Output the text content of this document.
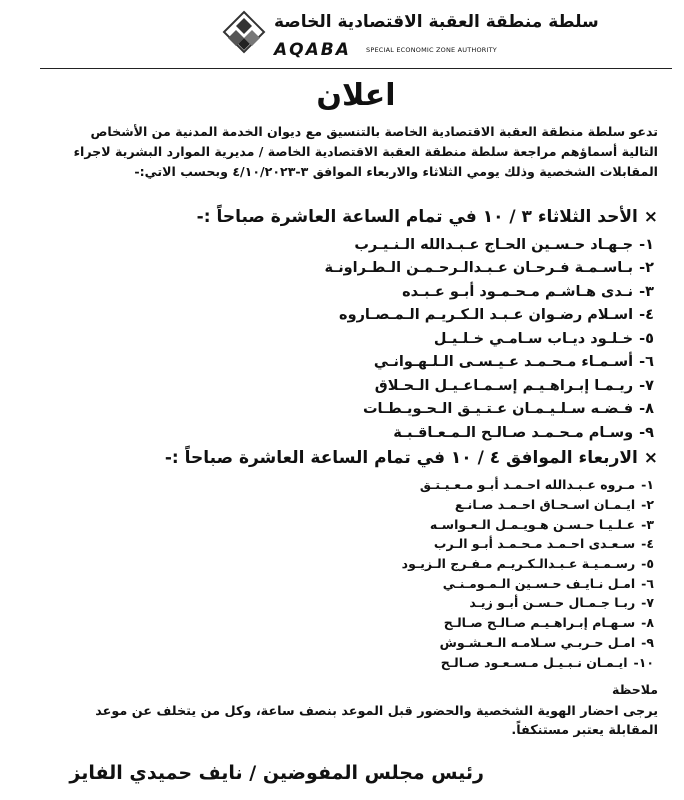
سلطة منطقة العقبة الاقتصادية الخاصة
AQABA SPECIAL ECONOMIC ZONE AUTHORITY
اعلان
تدعو سلطة منطقة العقبة الاقتصادية الخاصة بالتنسيق مع ديوان الخدمة المدنية من الأشخاص التالية أسماؤهم مراجعة سلطة منطقة العقبة الاقتصادية الخاصة / مديرية الموارد البشرية لاجراء المقابلات الشخصية وذلك يومي الثلاثاء والاربعاء الموافق ٣-٤/١٠/٢٠٢٣ وبحسب الاتي:-
× الأحد الثلاثاء ٣ / ١٠ في تمام الساعة العاشرة صباحاً :-
١-
جـهـاد حـسـين الحـاج عـبـدالله الـنـيـرب
٢-
بـاسـمـة فـرحـان عـبـدالـرحـمـن الـطـراونـة
٣-
نـدى هـاشـم مـحـمـود أبـو عـبـده
٤-
اسـلام رضـوان عـبـد الـكـريـم الـمـصـاروه
٥-
خـلـود ديـاب سـامـي خـلـيـل
٦-
أسـمـاء مـحـمـد عـيـسـى الـلـهـوانـي
٧-
ريـمـا إبـراهـيـم إسـمـاعـيـل الـحـلاق
٨-
فـضـه سـلـيـمـان عـتـيـق الـحـويـطـات
٩-
وسـام مـحـمـد صـالـح الـمـعـاقـبـة
× الاربعاء الموافق ٤ / ١٠ في تمام الساعة العاشرة صباحاً :-
١-
مـروه عـبـدالله احـمـد أبـو مـعـيـتـق
٢-
ايـمـان اسـحـاق احـمـد صـانـع
٣-
عـلـيـا حـسـن هـويـمـل الـعـواسـه
٤-
سـعـدى احـمـد مـحـمـد أبـو الـرب
٥-
رسـمـيـة عـبـدالـكـريـم مـفـرج الـزيـود
٦-
امـل نـايـف حـسـين الـمـومـنـي
٧-
ربـا جـمـال حـسـن أبـو زيـد
٨-
سـهـام إبـراهـيـم صـالـح صـالـح
٩-
امـل حـربـي سـلامـه الـعـشـوش
١٠-
ايـمـان نـبـيـل مـسـعـود صـالـح
ملاحظة
يرجى احضار الهوية الشخصية والحضور قبل الموعد بنصف ساعة، وكل من يتخلف عن موعد المقابلة يعتبر مستنكفاً.
رئيس مجلس المفوضين / نايف حميدي الفايز
